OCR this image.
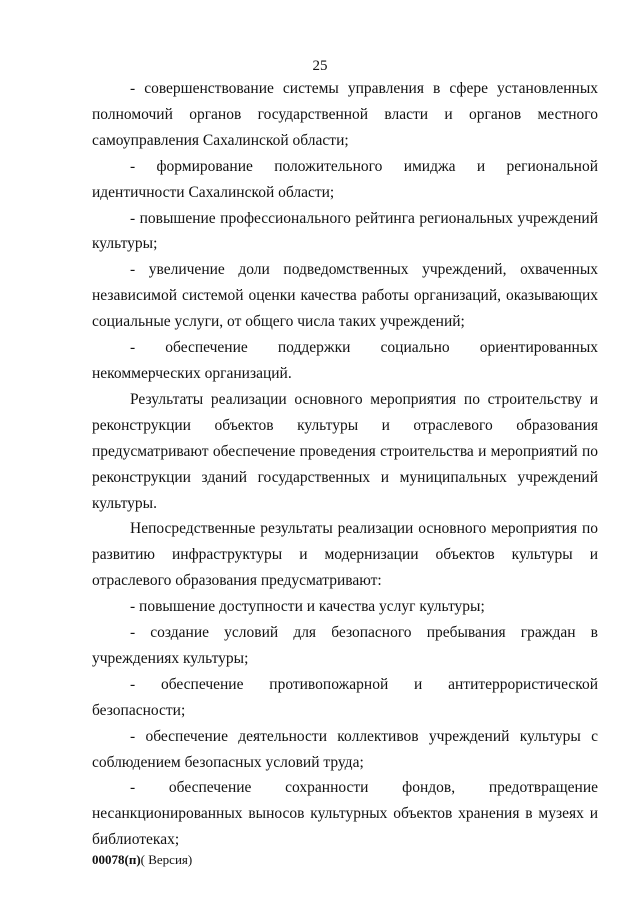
25

- совершенствование системы управления в сфере установленных полномочий органов государственной власти и органов местного самоуправления Сахалинской области;

- формирование положительного имиджа и региональной идентичности Сахалинской области;

- повышение профессионального рейтинга региональных учреждений культуры;

- увеличение доли подведомственных учреждений, охваченных независимой системой оценки качества работы организаций, оказывающих социальные услуги, от общего числа таких учреждений;

- обеспечение поддержки социально ориентированных некоммерческих организаций.

Результаты реализации основного мероприятия по строительству и реконструкции объектов культуры и отраслевого образования предусматривают обеспечение проведения строительства и мероприятий по реконструкции зданий государственных и муниципальных учреждений культуры.

Непосредственные результаты реализации основного мероприятия по развитию инфраструктуры и модернизации объектов культуры и отраслевого образования предусматривают:

- повышение доступности и качества услуг культуры;

- создание условий для безопасного пребывания граждан в учреждениях культуры;

- обеспечение противопожарной и антитеррористической безопасности;

- обеспечение деятельности коллективов учреждений культуры с соблюдением безопасных условий труда;

- обеспечение сохранности фондов, предотвращение несанкционированных выносов культурных объектов хранения в музеях и библиотеках;

00078(п)( Версия)
